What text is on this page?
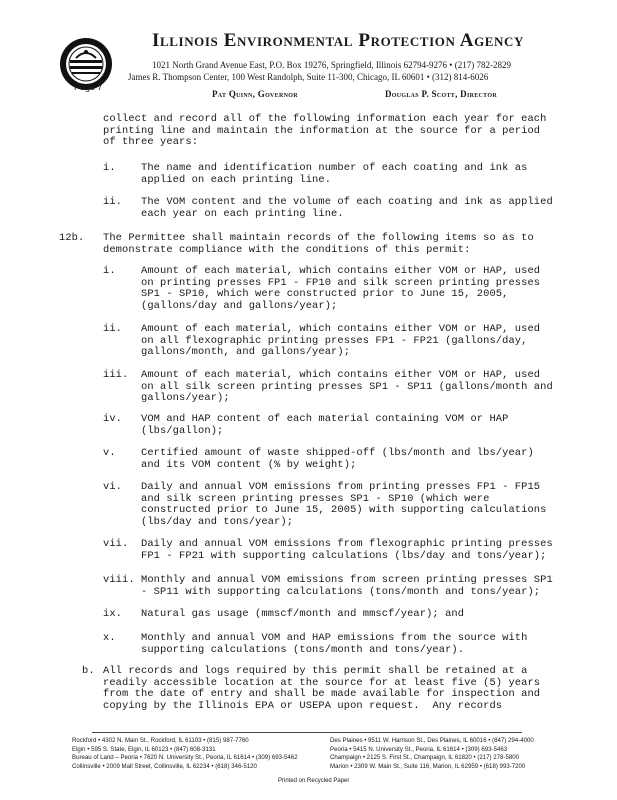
Page 7
Illinois Environmental Protection Agency
1021 North Grand Avenue East, P.O. Box 19276, Springfield, Illinois 62794-9276 • (217) 782-2829
James R. Thompson Center, 100 West Randolph, Suite 11-300, Chicago, IL 60601 • (312) 814-6026
Pat Quinn, Governor	Douglas P. Scott, Director
collect and record all of the following information each year for each
printing line and maintain the information at the source for a period
of three years:
i. The name and identification number of each coating and ink as
applied on each printing line.
ii. The VOM content and the volume of each coating and ink as applied
each year on each printing line.
12b. The Permittee shall maintain records of the following items so as to
demonstrate compliance with the conditions of this permit:
i. Amount of each material, which contains either VOM or HAP, used
on printing presses FP1 - FP10 and silk screen printing presses
SP1 - SP10, which were constructed prior to June 15, 2005,
(gallons/day and gallons/year);
ii. Amount of each material, which contains either VOM or HAP, used
on all flexographic printing presses FP1 - FP21 (gallons/day,
gallons/month, and gallons/year);
iii. Amount of each material, which contains either VOM or HAP, used
on all silk screen printing presses SP1 - SP11 (gallons/month and
gallons/year);
iv. VOM and HAP content of each material containing VOM or HAP
(lbs/gallon);
v. Certified amount of waste shipped-off (lbs/month and lbs/year)
and its VOM content (% by weight);
vi. Daily and annual VOM emissions from printing presses FP1 - FP15
and silk screen printing presses SP1 - SP10 (which were
constructed prior to June 15, 2005) with supporting calculations
(lbs/day and tons/year);
vii. Daily and annual VOM emissions from flexographic printing presses
FP1 - FP21 with supporting calculations (lbs/day and tons/year);
viii. Monthly and annual VOM emissions from screen printing presses SP1
- SP11 with supporting calculations (tons/month and tons/year);
ix. Natural gas usage (mmscf/month and mmscf/year); and
x. Monthly and annual VOM and HAP emissions from the source with
supporting calculations (tons/month and tons/year).
b. All records and logs required by this permit shall be retained at a
readily accessible location at the source for at least five (5) years
from the date of entry and shall be made available for inspection and
copying by the Illinois EPA or USEPA upon request.  Any records
Rockford • 4302 N. Main St., Rockford, IL 61103 • (815) 987-7760
Elgin • 595 S. State, Elgin, IL 60123 • (847) 608-3131
Bureau of Land – Peoria • 7620 N. University St., Peoria, IL 61614 • (309) 693-5462
Collinsville • 2009 Mall Street, Collinsville, IL 62234 • (618) 346-5120
Des Plaines • 9511 W. Harrison St., Des Plaines, IL 60016 • (847) 294-4000
Peoria • 5415 N. University St., Peoria, IL 61614 • (309) 693-5463
Champaign • 2125 S. First St., Champaign, IL 61820 • (217) 278-5800
Marion • 2309 W. Main St., Suite 116, Marion, IL 62959 • (618) 993-7200
Printed on Recycled Paper
